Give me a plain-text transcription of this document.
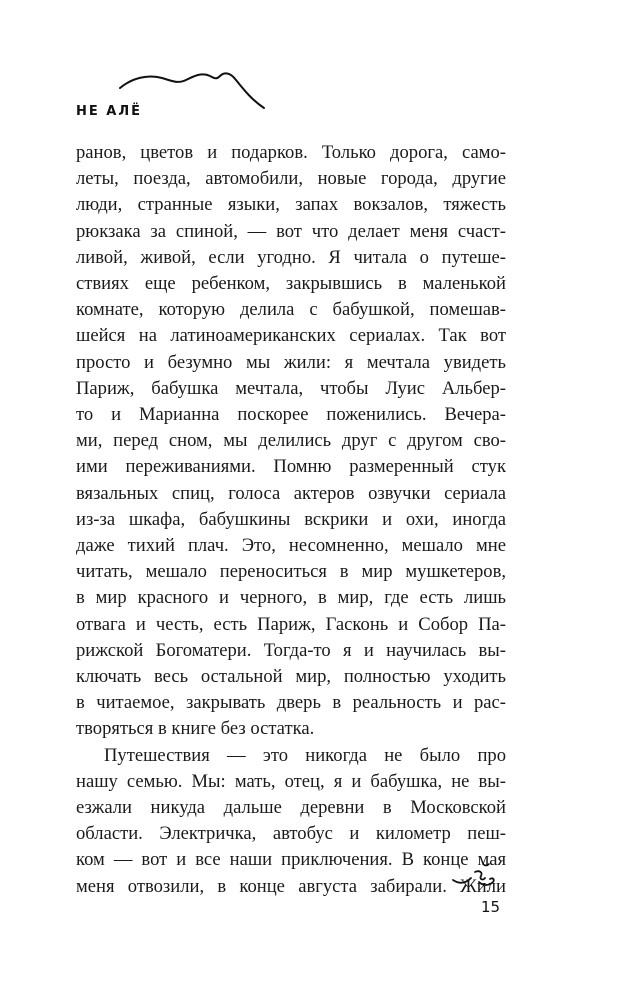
НЕ АЛЁ
ранов, цветов и подарков. Только дорога, само-
леты, поезда, автомобили, новые города, другие
люди, странные языки, запах вокзалов, тяжесть
рюкзака за спиной, — вот что делает меня счаст-
ливой, живой, если угодно. Я читала о путеше-
ствиях еще ребенком, закрывшись в маленькой
комнате, которую делила с бабушкой, помешав-
шейся на латиноамериканских сериалах. Так вот
просто и безумно мы жили: я мечтала увидеть
Париж, бабушка мечтала, чтобы Луис Альбер-
то и Марианна поскорее поженились. Вечера-
ми, перед сном, мы делились друг с другом сво-
ими переживаниями. Помню размеренный стук
вязальных спиц, голоса актеров озвучки сериала
из-за шкафа, бабушкины вскрики и охи, иногда
даже тихий плач. Это, несомненно, мешало мне
читать, мешало переноситься в мир мушкетеров,
в мир красного и черного, в мир, где есть лишь
отвага и честь, есть Париж, Гасконь и Собор Па-
рижской Богоматери. Тогда-то я и научилась вы-
ключать весь остальной мир, полностью уходить
в читаемое, закрывать дверь в реальность и рас-
творяться в книге без остатка.
Путешествия — это никогда не было про
нашу семью. Мы: мать, отец, я и бабушка, не вы-
езжали никуда дальше деревни в Московской
области. Электричка, автобус и километр пеш-
ком — вот и все наши приключения. В конце мая
меня отвозили, в конце августа забирали. Жили
15
